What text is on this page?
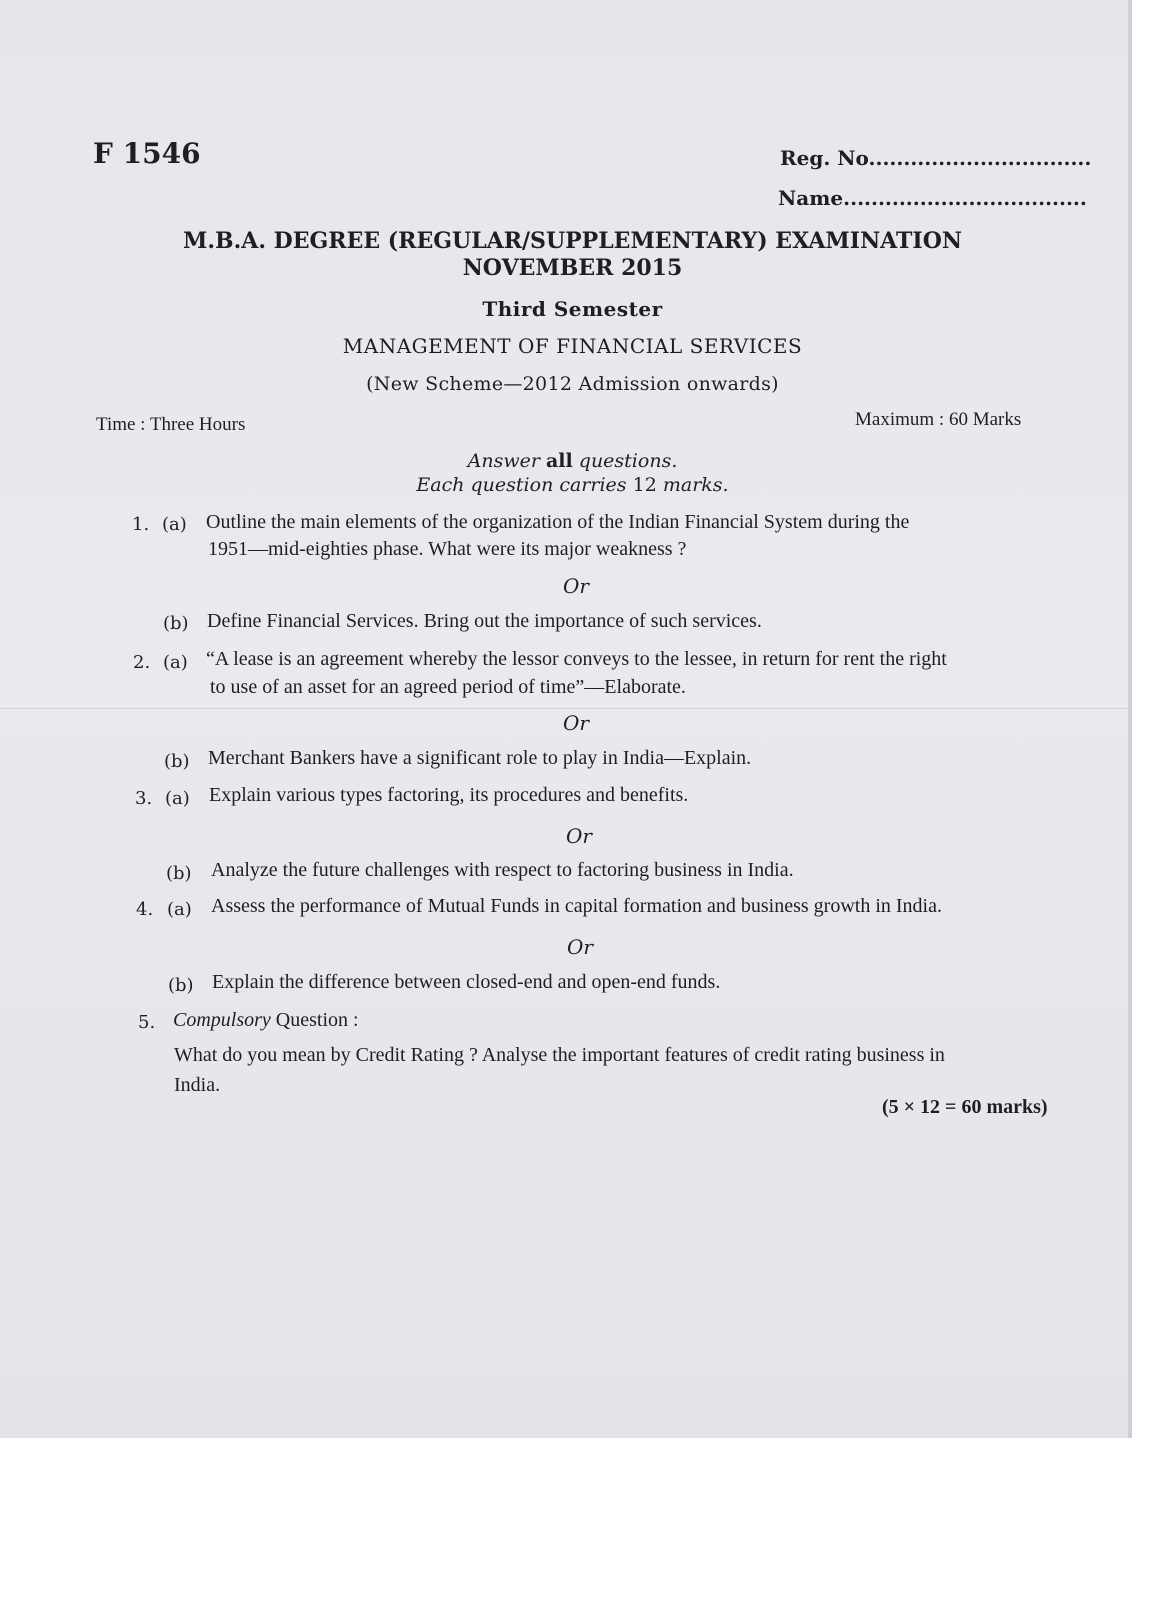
F 1546	Reg. No................................
Name...................................
M.B.A. DEGREE (REGULAR/SUPPLEMENTARY) EXAMINATION
NOVEMBER 2015
Third Semester
MANAGEMENT OF FINANCIAL SERVICES
(New Scheme—2012 Admission onwards)
Time : Three Hours	Maximum : 60 Marks
Answer all questions.
Each question carries 12 marks.
1. (a) Outline the main elements of the organization of the Indian Financial System during the
1951—mid-eighties phase. What were its major weakness ?
Or
(b) Define Financial Services. Bring out the importance of such services.
2. (a) “A lease is an agreement whereby the lessor conveys to the lessee, in return for rent the right
to use of an asset for an agreed period of time”—Elaborate.
Or
(b) Merchant Bankers have a significant role to play in India—Explain.
3. (a) Explain various types factoring, its procedures and benefits.
Or
(b) Analyze the future challenges with respect to factoring business in India.
4. (a) Assess the performance of Mutual Funds in capital formation and business growth in India.
Or
(b) Explain the difference between closed-end and open-end funds.
5. Compulsory Question :
What do you mean by Credit Rating ? Analyse the important features of credit rating business in
India.
(5 × 12 = 60 marks)
